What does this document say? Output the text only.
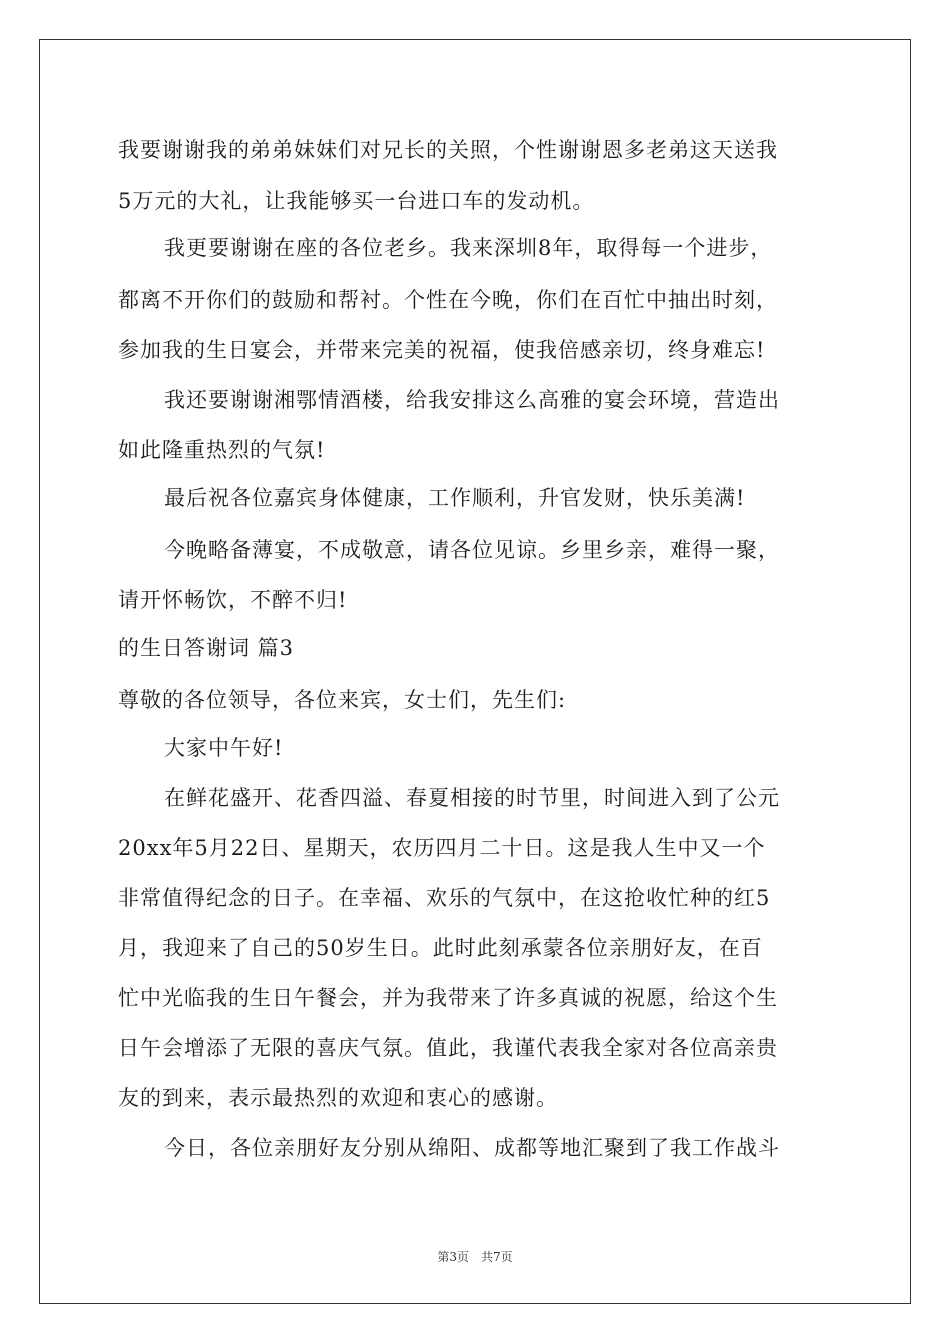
我要谢谢我的弟弟妹妹们对兄长的关照，个性谢谢恩多老弟这天送我
5万元的大礼，让我能够买一台进口车的发动机。
我更要谢谢在座的各位老乡。我来深圳8年，取得每一个进步，
都离不开你们的鼓励和帮衬。个性在今晚，你们在百忙中抽出时刻，
参加我的生日宴会，并带来完美的祝福，使我倍感亲切，终身难忘!
我还要谢谢湘鄂情酒楼，给我安排这么高雅的宴会环境，营造出
如此隆重热烈的气氛!
最后祝各位嘉宾身体健康，工作顺利，升官发财，快乐美满!
今晚略备薄宴，不成敬意，请各位见谅。乡里乡亲，难得一聚，
请开怀畅饮，不醉不归!
的生日答谢词 篇3
尊敬的各位领导，各位来宾，女士们，先生们:
大家中午好!
在鲜花盛开、花香四溢、春夏相接的时节里，时间进入到了公元
20xx年5月22日、星期天，农历四月二十日。这是我人生中又一个
非常值得纪念的日子。在幸福、欢乐的气氛中，在这抢收忙种的红5
月，我迎来了自己的50岁生日。此时此刻承蒙各位亲朋好友，在百
忙中光临我的生日午餐会，并为我带来了许多真诚的祝愿，给这个生
日午会增添了无限的喜庆气氛。值此，我谨代表我全家对各位高亲贵
友的到来，表示最热烈的欢迎和衷心的感谢。
今日，各位亲朋好友分别从绵阳、成都等地汇聚到了我工作战斗
第3页 共7页
